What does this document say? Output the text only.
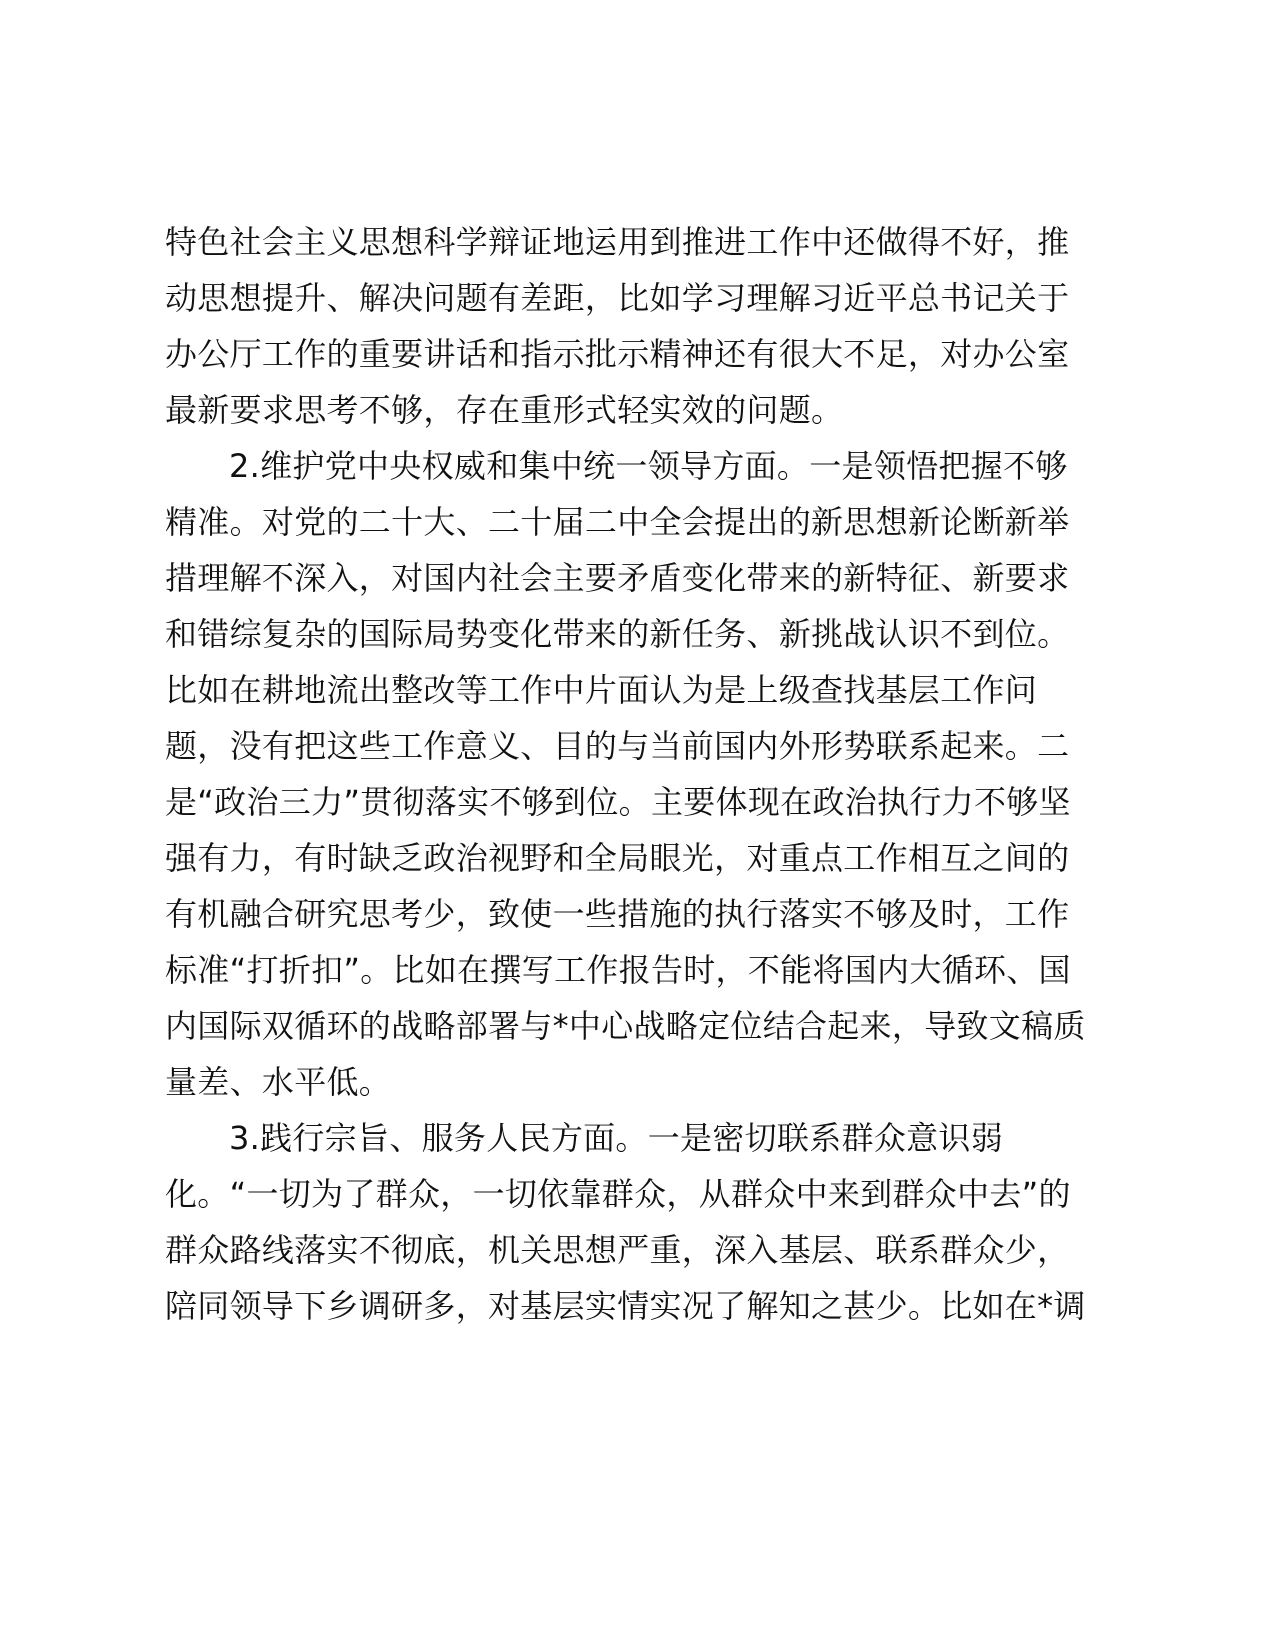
特色社会主义思想科学辩证地运用到推进工作中还做得不好，推

动思想提升、解决问题有差距，比如学习理解习近平总书记关于

办公厅工作的重要讲话和指示批示精神还有很大不足，对办公室

最新要求思考不够，存在重形式轻实效的问题。

2.维护党中央权威和集中统一领导方面。一是领悟把握不够

精准。对党的二十大、二十届二中全会提出的新思想新论断新举

措理解不深入，对国内社会主要矛盾变化带来的新特征、新要求

和错综复杂的国际局势变化带来的新任务、新挑战认识不到位。

比如在耕地流出整改等工作中片面认为是上级查找基层工作问

题，没有把这些工作意义、目的与当前国内外形势联系起来。二

是“政治三力”贯彻落实不够到位。主要体现在政治执行力不够坚

强有力，有时缺乏政治视野和全局眼光，对重点工作相互之间的

有机融合研究思考少，致使一些措施的执行落实不够及时，工作

标准“打折扣”。比如在撰写工作报告时，不能将国内大循环、国

内国际双循环的战略部署与*中心战略定位结合起来，导致文稿质

量差、水平低。

3.践行宗旨、服务人民方面。一是密切联系群众意识弱

化。“一切为了群众，一切依靠群众，从群众中来到群众中去”的

群众路线落实不彻底，机关思想严重，深入基层、联系群众少，

陪同领导下乡调研多，对基层实情实况了解知之甚少。比如在*调
